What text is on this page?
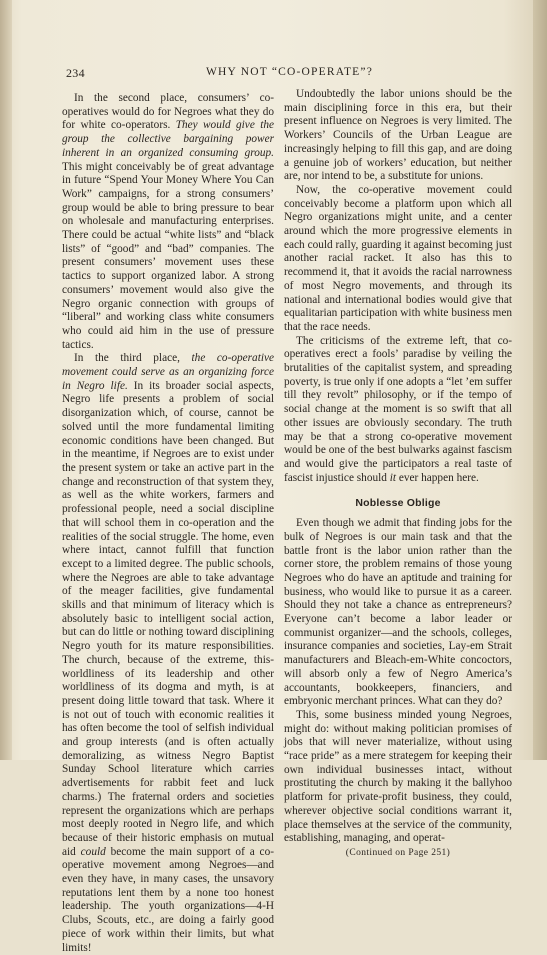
234	WHY NOT “CO-OPERATE”?

In the second place, consumers’ co-operatives would do for Negroes what they do for white co-operators. They would give the group the collective bargaining power inherent in an organized consuming group. This might conceivably be of great advantage in future “Spend Your Money Where You Can Work” campaigns, for a strong consumers’ group would be able to bring pressure to bear on wholesale and manufacturing enterprises. There could be actual “white lists” and “black lists” of “good” and “bad” companies. The present consumers’ movement uses these tactics to support organized labor. A strong consumers’ movement would also give the Negro organic connection with groups of “liberal” and working class white consumers who could aid him in the use of pressure tactics.

In the third place, the co-operative movement could serve as an organizing force in Negro life. In its broader social aspects, Negro life presents a problem of social disorganization which, of course, cannot be solved until the more fundamental limiting economic conditions have been changed. But in the meantime, if Negroes are to exist under the present system or take an active part in the change and reconstruction of that system they, as well as the white workers, farmers and professional people, need a social discipline that will school them in co-operation and the realities of the social struggle. The home, even where intact, cannot fulfill that function except to a limited degree. The public schools, where the Negroes are able to take advantage of the meager facilities, give fundamental skills and that minimum of literacy which is absolutely basic to intelligent social action, but can do little or nothing toward disciplining Negro youth for its mature responsibilities. The church, because of the extreme, this-worldliness of its leadership and other worldliness of its dogma and myth, is at present doing little toward that task. Where it is not out of touch with economic realities it has often become the tool of selfish individual and group interests (and is often actually demoralizing, as witness Negro Baptist Sunday School literature which carries advertisements for rabbit feet and luck charms.) The fraternal orders and societies represent the organizations which are perhaps most deeply rooted in Negro life, and which because of their historic emphasis on mutual aid could become the main support of a co-operative movement among Negroes—and even they have, in many cases, the unsavory reputations lent them by a none too honest leadership. The youth organizations—4-H Clubs, Scouts, etc., are doing a fairly good piece of work within their limits, but what limits!

Undoubtedly the labor unions should be the main disciplining force in this era, but their present influence on Negroes is very limited. The Workers’ Councils of the Urban League are increasingly helping to fill this gap, and are doing a genuine job of workers’ education, but neither are, nor intend to be, a substitute for unions.

Now, the co-operative movement could conceivably become a platform upon which all Negro organizations might unite, and a center around which the more progressive elements in each could rally, guarding it against becoming just another racial racket. It also has this to recommend it, that it avoids the racial narrowness of most Negro movements, and through its national and international bodies would give that equalitarian participation with white business men that the race needs.

The criticisms of the extreme left, that co-operatives erect a fools’ paradise by veiling the brutalities of the capitalist system, and spreading poverty, is true only if one adopts a “let ’em suffer till they revolt” philosophy, or if the tempo of social change at the moment is so swift that all other issues are obviously secondary. The truth may be that a strong co-operative movement would be one of the best bulwarks against fascism and would give the participators a real taste of fascist injustice should it ever happen here.

Noblesse Oblige

Even though we admit that finding jobs for the bulk of Negroes is our main task and that the battle front is the labor union rather than the corner store, the problem remains of those young Negroes who do have an aptitude and training for business, who would like to pursue it as a career. Should they not take a chance as entrepreneurs? Everyone can’t become a labor leader or communist organizer—and the schools, colleges, insurance companies and societies, Lay-em Strait manufacturers and Bleach-em-White concoctors, will absorb only a few of Negro America’s accountants, bookkeepers, financiers, and embryonic merchant princes. What can they do?

This, some business minded young Negroes, might do: without making politician promises of jobs that will never materialize, without using “race pride” as a mere strategem for keeping their own individual businesses intact, without prostituting the church by making it the ballyhoo platform for private-profit business, they could, wherever objective social conditions warrant it, place themselves at the service of the community, establishing, managing, and operat-

(Continued on Page 251)
